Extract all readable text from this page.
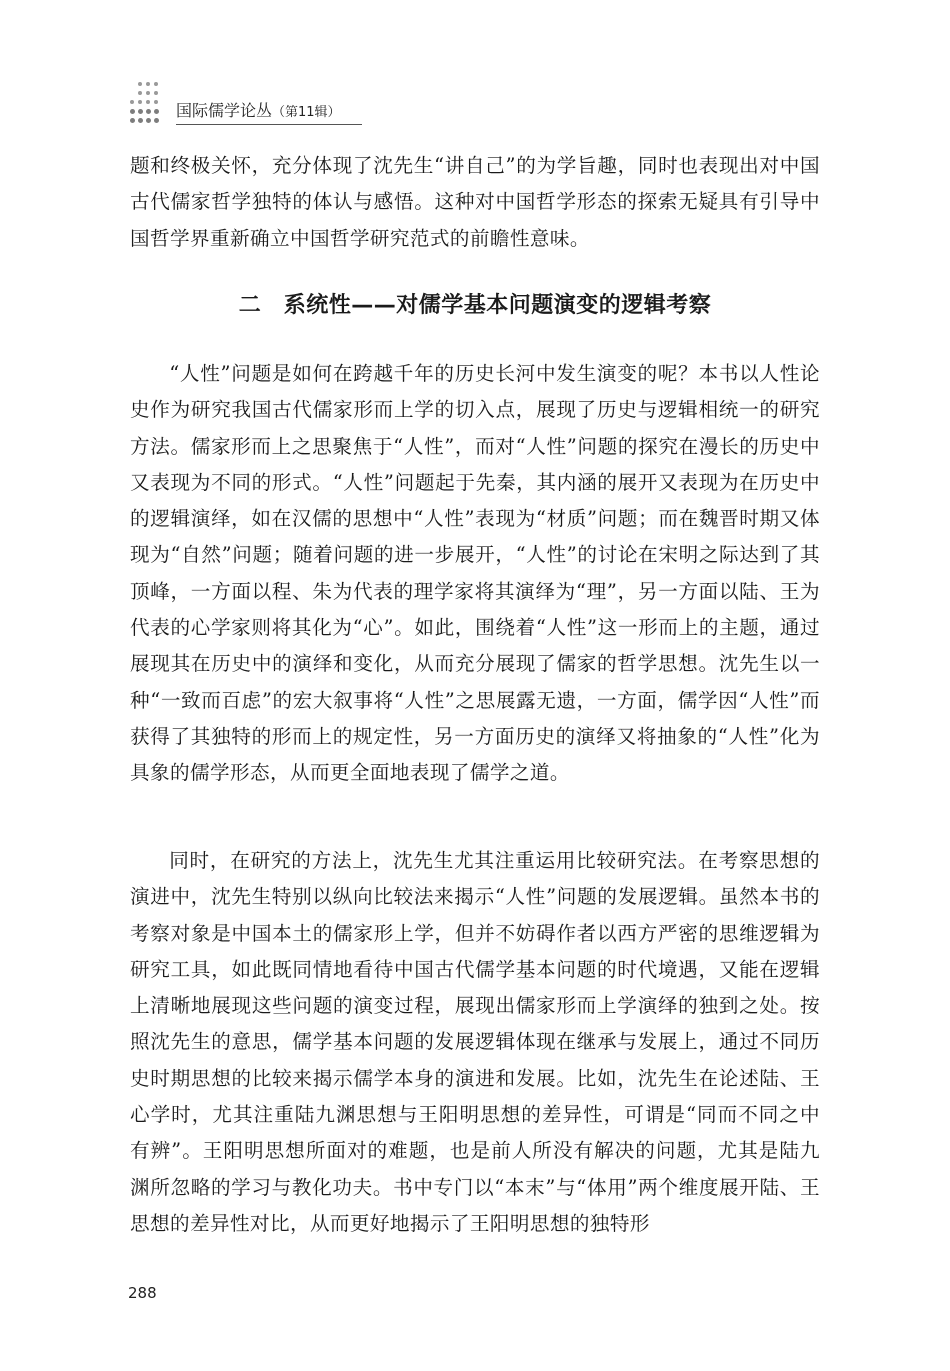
国际儒学论丛（第11辑）

题和终极关怀，充分体现了沈先生“讲自己”的为学旨趣，同时也表现出对中国古代儒家哲学独特的体认与感悟。这种对中国哲学形态的探索无疑具有引导中国哲学界重新确立中国哲学研究范式的前瞻性意味。

二　系统性——对儒学基本问题演变的逻辑考察

“人性”问题是如何在跨越千年的历史长河中发生演变的呢？本书以人性论史作为研究我国古代儒家形而上学的切入点，展现了历史与逻辑相统一的研究方法。儒家形而上之思聚焦于“人性”，而对“人性”问题的探究在漫长的历史中又表现为不同的形式。“人性”问题起于先秦，其内涵的展开又表现为在历史中的逻辑演绎，如在汉儒的思想中“人性”表现为“材质”问题；而在魏晋时期又体现为“自然”问题；随着问题的进一步展开，“人性”的讨论在宋明之际达到了其顶峰，一方面以程、朱为代表的理学家将其演绎为“理”，另一方面以陆、王为代表的心学家则将其化为“心”。如此，围绕着“人性”这一形而上的主题，通过展现其在历史中的演绎和变化，从而充分展现了儒家的哲学思想。沈先生以一种“一致而百虑”的宏大叙事将“人性”之思展露无遗，一方面，儒学因“人性”而获得了其独特的形而上的规定性，另一方面历史的演绎又将抽象的“人性”化为具象的儒学形态，从而更全面地表现了儒学之道。

同时，在研究的方法上，沈先生尤其注重运用比较研究法。在考察思想的演进中，沈先生特别以纵向比较法来揭示“人性”问题的发展逻辑。虽然本书的考察对象是中国本土的儒家形上学，但并不妨碍作者以西方严密的思维逻辑为研究工具，如此既同情地看待中国古代儒学基本问题的时代境遇，又能在逻辑上清晰地展现这些问题的演变过程，展现出儒家形而上学演绎的独到之处。按照沈先生的意思，儒学基本问题的发展逻辑体现在继承与发展上，通过不同历史时期思想的比较来揭示儒学本身的演进和发展。比如，沈先生在论述陆、王心学时，尤其注重陆九渊思想与王阳明思想的差异性，可谓是“同而不同之中有辨”。王阳明思想所面对的难题，也是前人所没有解决的问题，尤其是陆九渊所忽略的学习与教化功夫。书中专门以“本末”与“体用”两个维度展开陆、王思想的差异性对比，从而更好地揭示了王阳明思想的独特形

288
